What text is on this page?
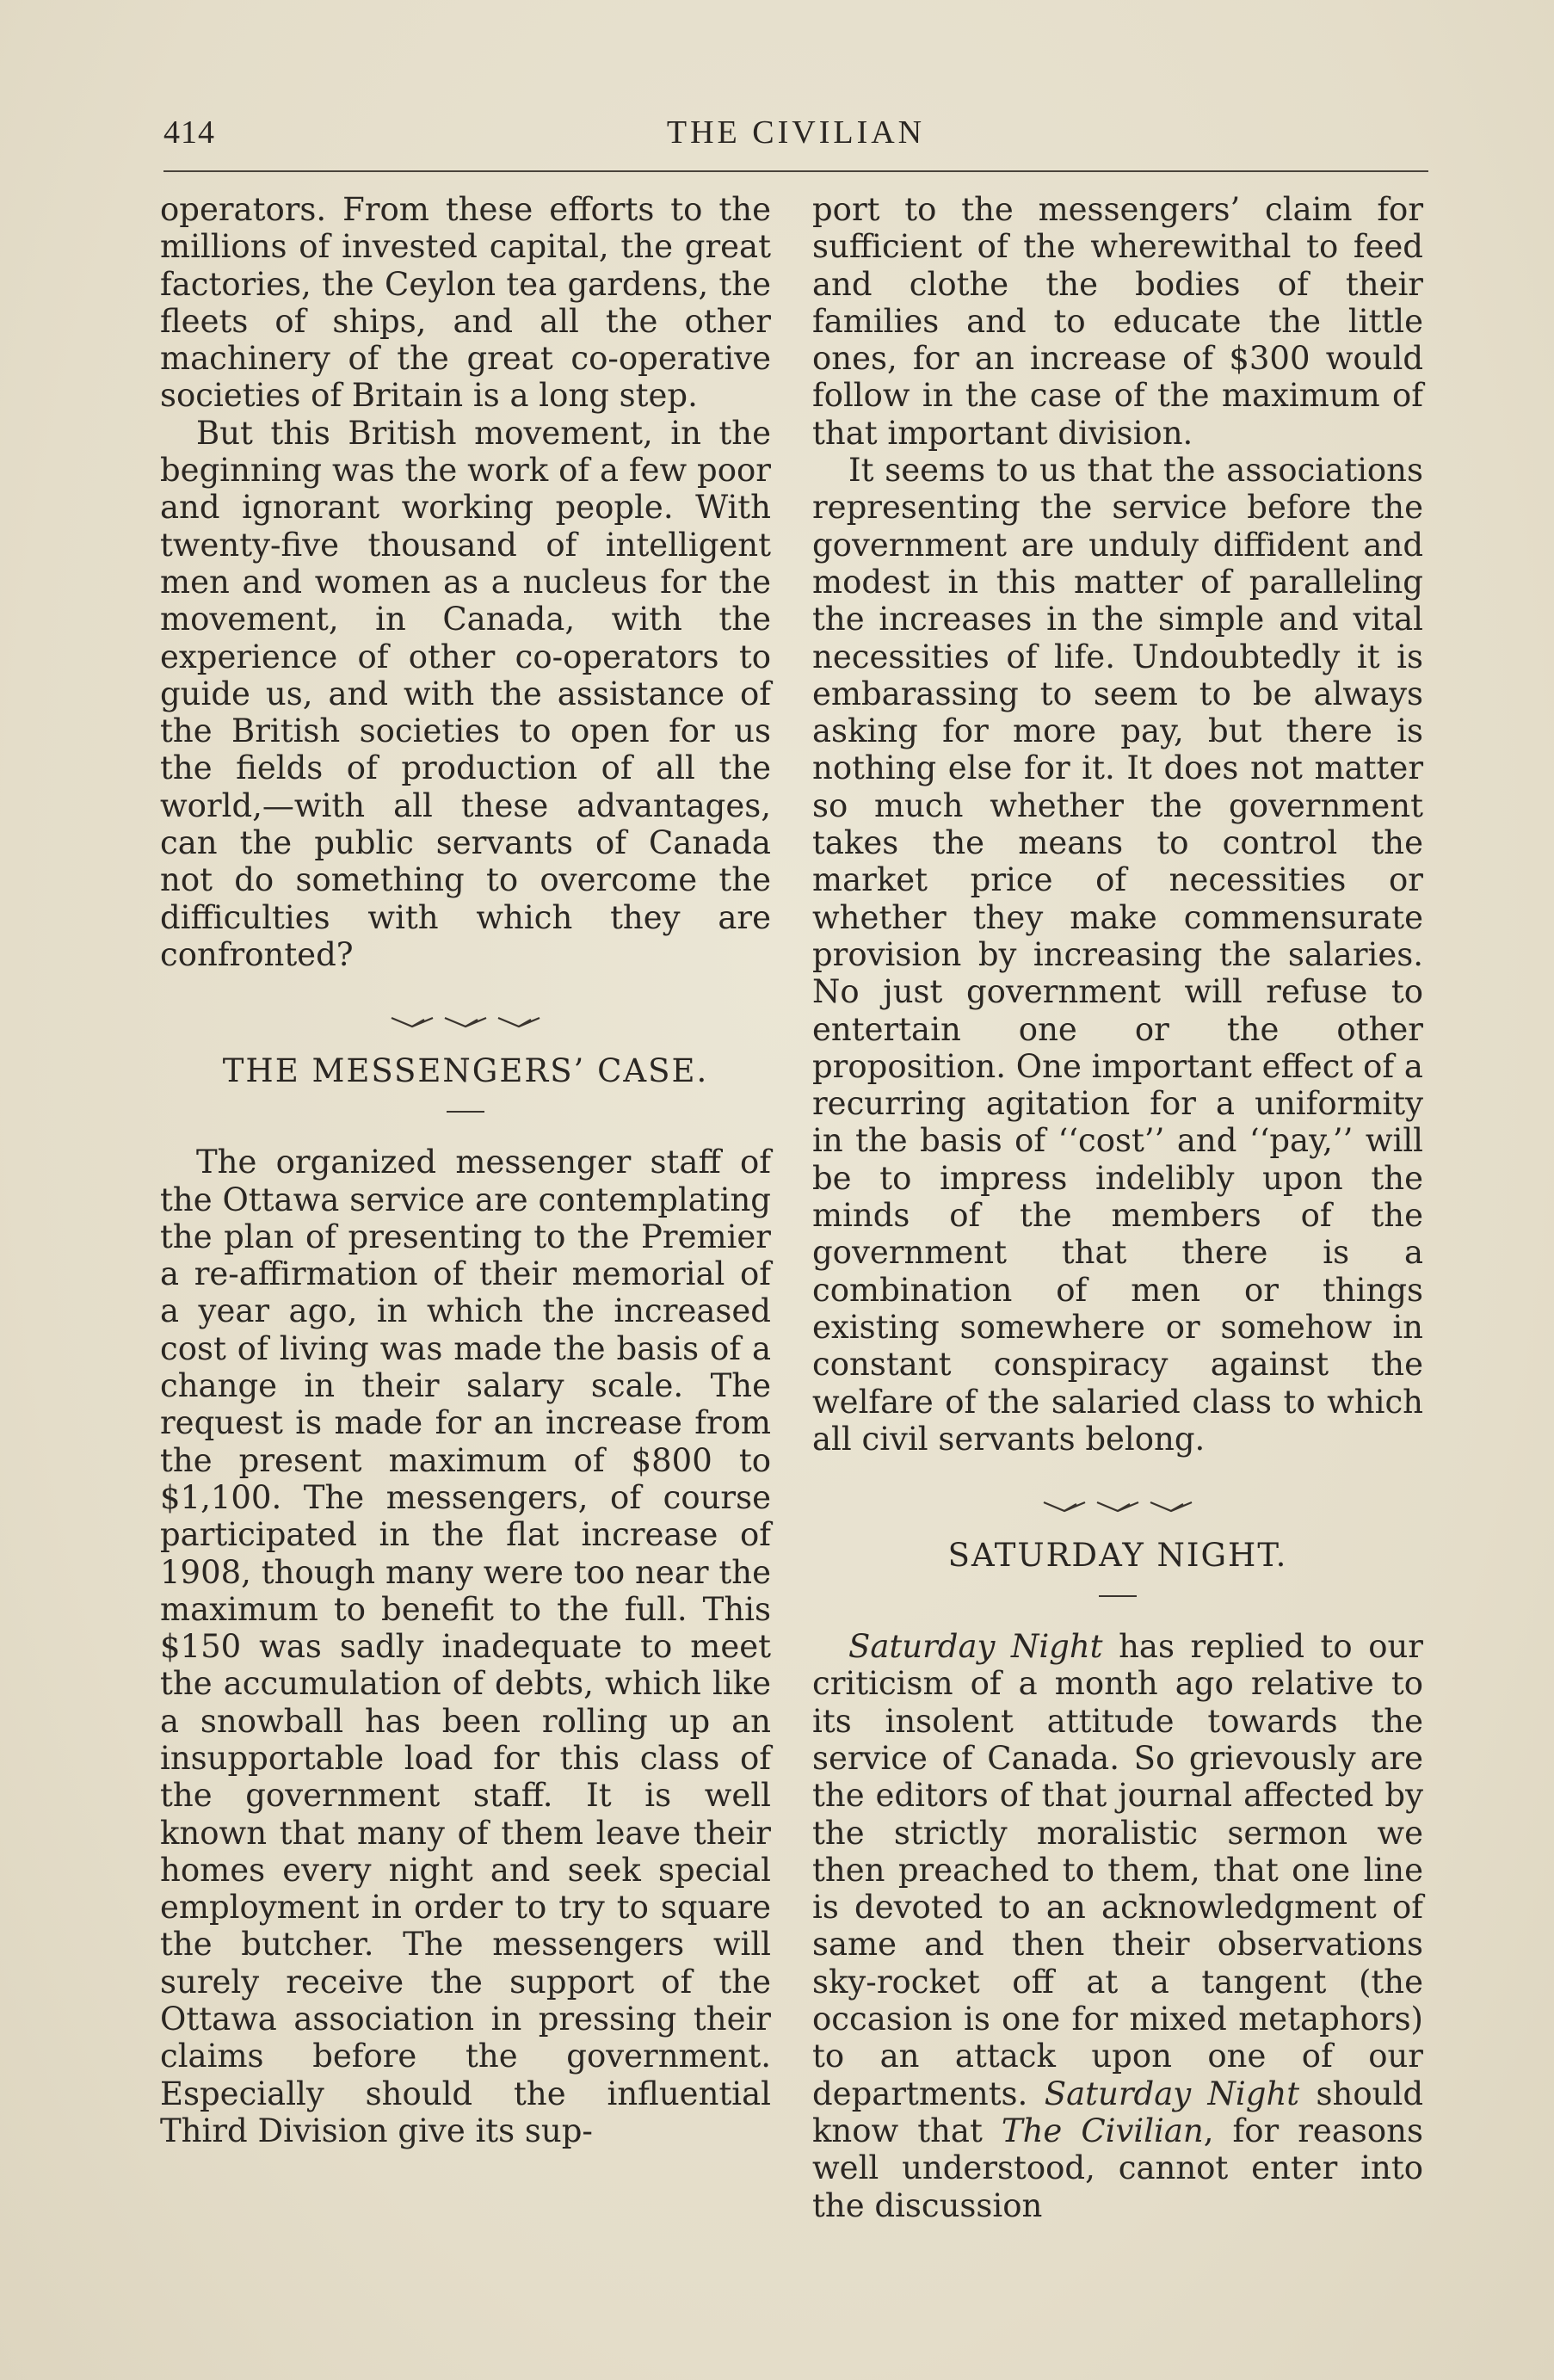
414	THE CIVILIAN

operators. From these efforts to the millions of invested capital, the great factories, the Ceylon tea gardens, the fleets of ships, and all the other machinery of the great co-operative societies of Britain is a long step.

But this British movement, in the beginning was the work of a few poor and ignorant working people. With twenty-five thousand of intelligent men and women as a nucleus for the movement, in Canada, with the experience of other co-operators to guide us, and with the assistance of the British societies to open for us the fields of production of all the world,—with all these advantages, can the public servants of Canada not do something to overcome the difficulties with which they are confronted?

THE MESSENGERS’ CASE.

The organized messenger staff of the Ottawa service are contemplating the plan of presenting to the Premier a re-affirmation of their memorial of a year ago, in which the increased cost of living was made the basis of a change in their salary scale. The request is made for an increase from the present maximum of $800 to $1,100. The messengers, of course participated in the flat increase of 1908, though many were too near the maximum to benefit to the full. This $150 was sadly inadequate to meet the accumulation of debts, which like a snowball has been rolling up an insupportable load for this class of the government staff. It is well known that many of them leave their homes every night and seek special employment in order to try to square the butcher. The messengers will surely receive the support of the Ottawa association in pressing their claims before the government. Especially should the influential Third Division give its sup-

port to the messengers’ claim for sufficient of the wherewithal to feed and clothe the bodies of their families and to educate the little ones, for an increase of $300 would follow in the case of the maximum of that important division.

It seems to us that the associations representing the service before the government are unduly diffident and modest in this matter of paralleling the increases in the simple and vital necessities of life. Undoubtedly it is embarassing to seem to be always asking for more pay, but there is nothing else for it. It does not matter so much whether the government takes the means to control the market price of necessities or whether they make commensurate provision by increasing the salaries. No just government will refuse to entertain one or the other proposition. One important effect of a recurring agitation for a uniformity in the basis of ‘‘cost’’ and ‘‘pay,’’ will be to impress indelibly upon the minds of the members of the government that there is a combination of men or things existing somewhere or somehow in constant conspiracy against the welfare of the salaried class to which all civil servants belong.

SATURDAY NIGHT.

Saturday Night has replied to our criticism of a month ago relative to its insolent attitude towards the service of Canada. So grievously are the editors of that journal affected by the strictly moralistic sermon we then preached to them, that one line is devoted to an acknowledgment of same and then their observations sky-rocket off at a tangent (the occasion is one for mixed metaphors) to an attack upon one of our departments. Saturday Night should know that The Civilian, for reasons well understood, cannot enter into the discussion
